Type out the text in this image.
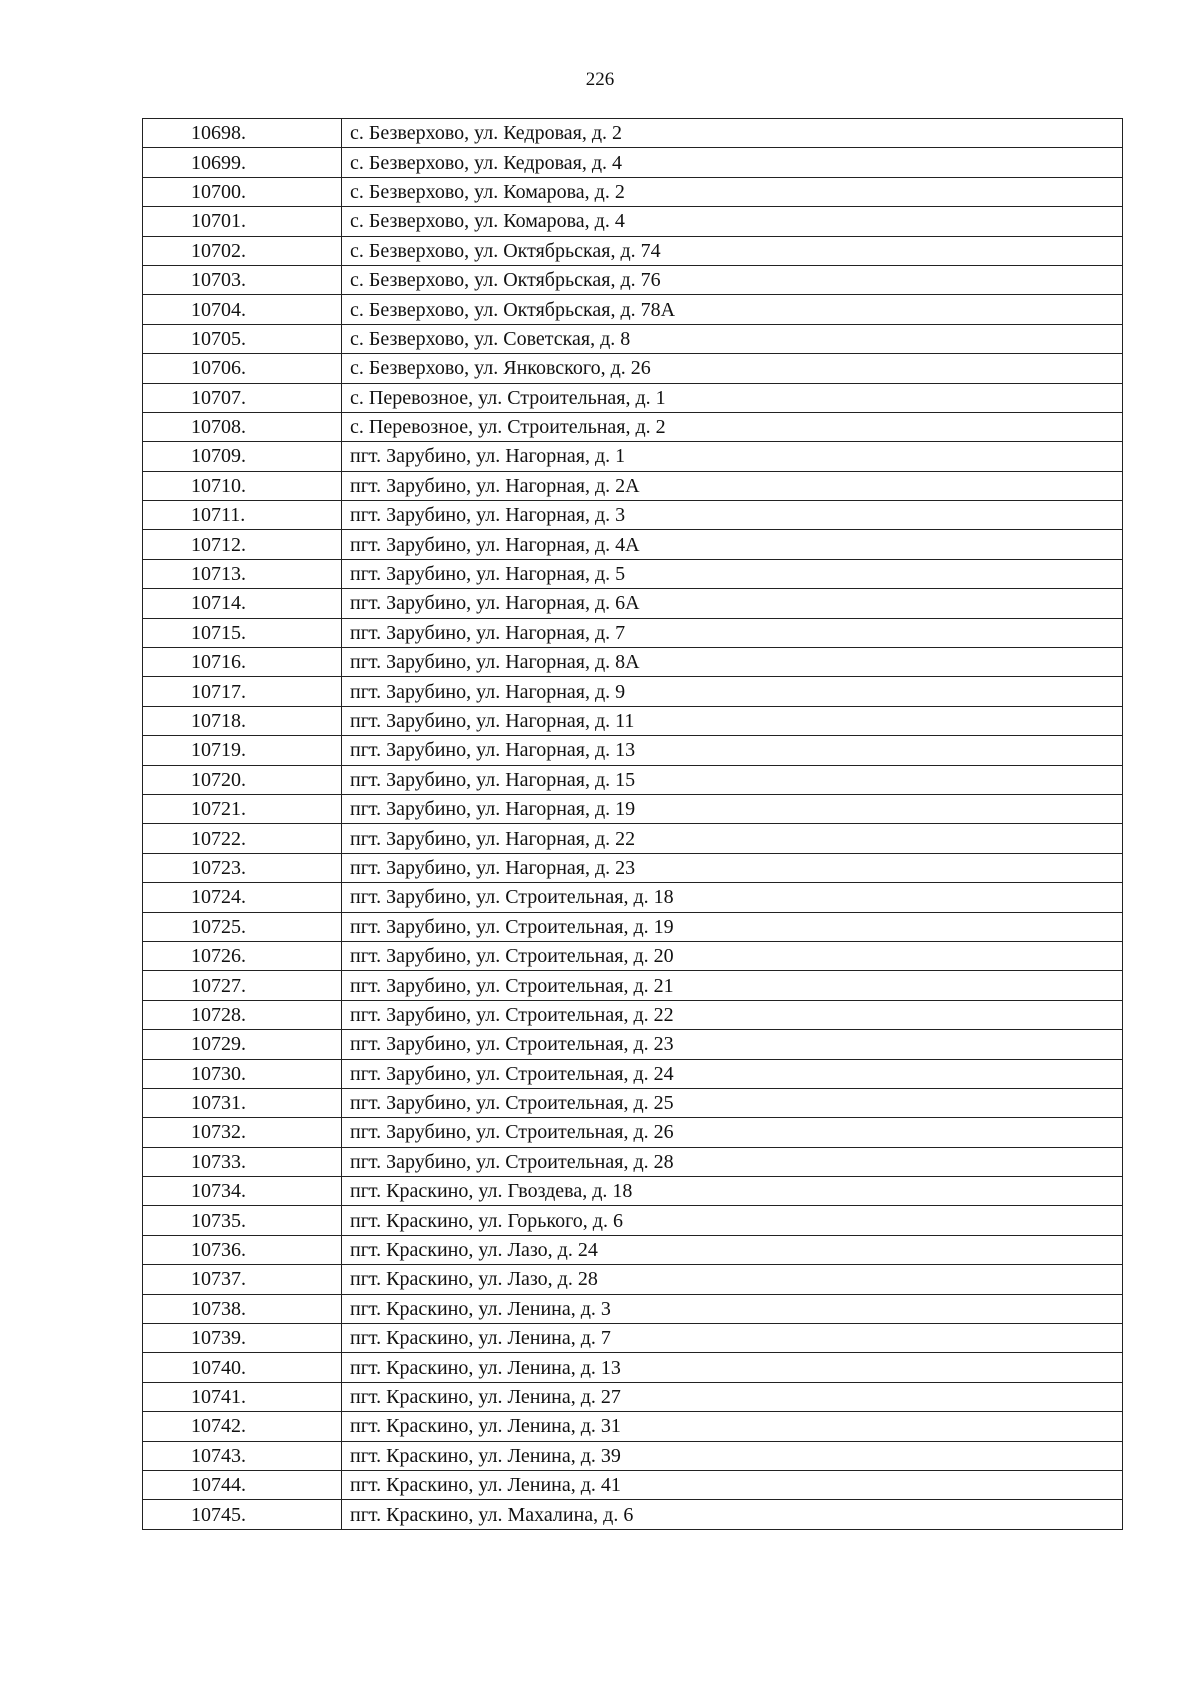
226
10698.	с. Безверхово, ул. Кедровая, д. 2
10699.	с. Безверхово, ул. Кедровая, д. 4
10700.	с. Безверхово, ул. Комарова, д. 2
10701.	с. Безверхово, ул. Комарова, д. 4
10702.	с. Безверхово, ул. Октябрьская, д. 74
10703.	с. Безверхово, ул. Октябрьская, д. 76
10704.	с. Безверхово, ул. Октябрьская, д. 78А
10705.	с. Безверхово, ул. Советская, д. 8
10706.	с. Безверхово, ул. Янковского, д. 26
10707.	с. Перевозное, ул. Строительная, д. 1
10708.	с. Перевозное, ул. Строительная, д. 2
10709.	пгт. Зарубино, ул. Нагорная, д. 1
10710.	пгт. Зарубино, ул. Нагорная, д. 2А
10711.	пгт. Зарубино, ул. Нагорная, д. 3
10712.	пгт. Зарубино, ул. Нагорная, д. 4А
10713.	пгт. Зарубино, ул. Нагорная, д. 5
10714.	пгт. Зарубино, ул. Нагорная, д. 6А
10715.	пгт. Зарубино, ул. Нагорная, д. 7
10716.	пгт. Зарубино, ул. Нагорная, д. 8А
10717.	пгт. Зарубино, ул. Нагорная, д. 9
10718.	пгт. Зарубино, ул. Нагорная, д. 11
10719.	пгт. Зарубино, ул. Нагорная, д. 13
10720.	пгт. Зарубино, ул. Нагорная, д. 15
10721.	пгт. Зарубино, ул. Нагорная, д. 19
10722.	пгт. Зарубино, ул. Нагорная, д. 22
10723.	пгт. Зарубино, ул. Нагорная, д. 23
10724.	пгт. Зарубино, ул. Строительная, д. 18
10725.	пгт. Зарубино, ул. Строительная, д. 19
10726.	пгт. Зарубино, ул. Строительная, д. 20
10727.	пгт. Зарубино, ул. Строительная, д. 21
10728.	пгт. Зарубино, ул. Строительная, д. 22
10729.	пгт. Зарубино, ул. Строительная, д. 23
10730.	пгт. Зарубино, ул. Строительная, д. 24
10731.	пгт. Зарубино, ул. Строительная, д. 25
10732.	пгт. Зарубино, ул. Строительная, д. 26
10733.	пгт. Зарубино, ул. Строительная, д. 28
10734.	пгт. Краскино, ул. Гвоздева, д. 18
10735.	пгт. Краскино, ул. Горького, д. 6
10736.	пгт. Краскино, ул. Лазо, д. 24
10737.	пгт. Краскино, ул. Лазо, д. 28
10738.	пгт. Краскино, ул. Ленина, д. 3
10739.	пгт. Краскино, ул. Ленина, д. 7
10740.	пгт. Краскино, ул. Ленина, д. 13
10741.	пгт. Краскино, ул. Ленина, д. 27
10742.	пгт. Краскино, ул. Ленина, д. 31
10743.	пгт. Краскино, ул. Ленина, д. 39
10744.	пгт. Краскино, ул. Ленина, д. 41
10745.	пгт. Краскино, ул. Махалина, д. 6
